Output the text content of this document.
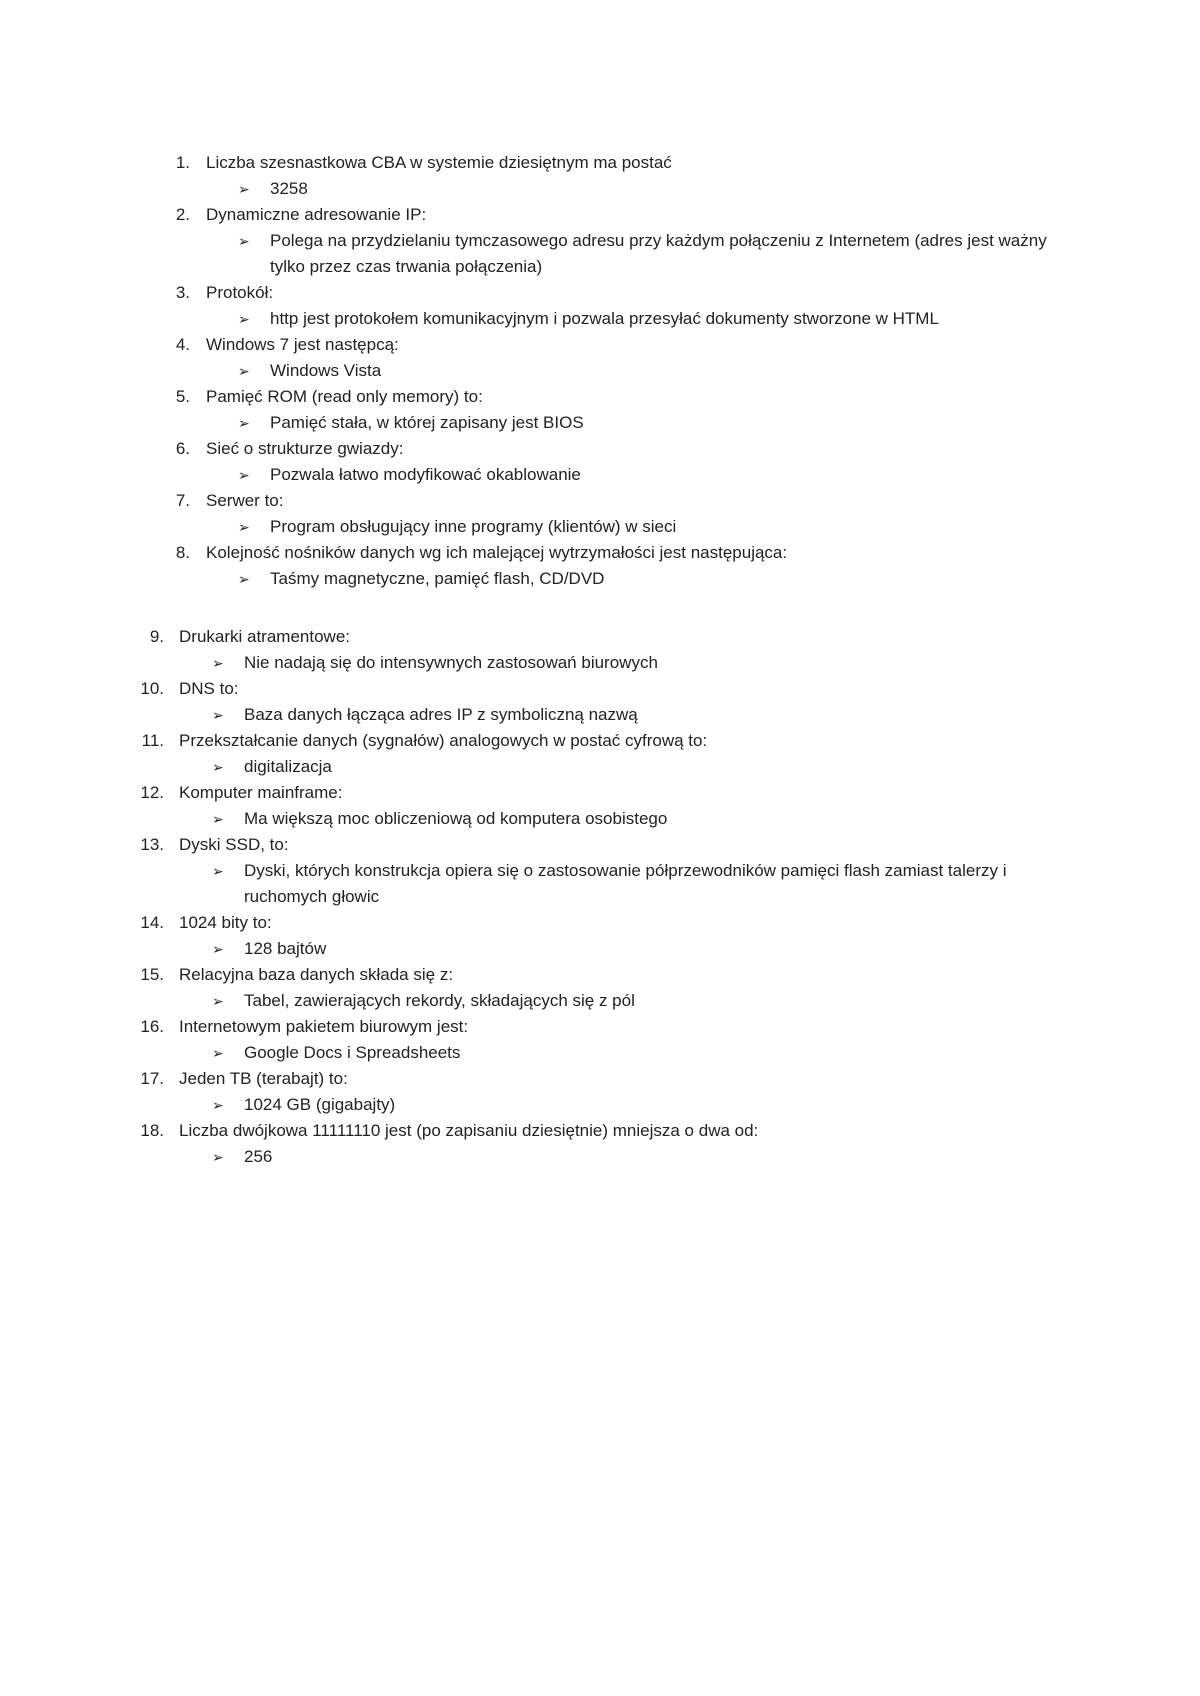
1. Liczba szesnastkowa CBA w systemie dziesiętnym ma postać
➢ 3258
2. Dynamiczne adresowanie IP:
➢ Polega na przydzielaniu tymczasowego adresu przy każdym połączeniu z Internetem (adres jest ważny tylko przez czas trwania połączenia)
3. Protokół:
➢ http jest protokołem komunikacyjnym i pozwala przesyłać dokumenty stworzone w HTML
4. Windows 7 jest następcą:
➢ Windows Vista
5. Pamięć ROM (read only memory) to:
➢ Pamięć stała, w której zapisany jest BIOS
6. Sieć o strukturze gwiazdy:
➢ Pozwala łatwo modyfikować okablowanie
7. Serwer to:
➢ Program obsługujący inne programy (klientów) w sieci
8. Kolejność nośników danych wg ich malejącej wytrzymałości jest następująca:
➢ Taśmy magnetyczne, pamięć flash, CD/DVD
9. Drukarki atramentowe:
➢ Nie nadają się do intensywnych zastosowań biurowych
10. DNS to:
➢ Baza danych łącząca adres IP z symboliczną nazwą
11. Przekształcanie danych (sygnałów) analogowych w postać cyfrową to:
➢ digitalizacja
12. Komputer mainframe:
➢ Ma większą moc obliczeniową od komputera osobistego
13. Dyski SSD, to:
➢ Dyski, których konstrukcja opiera się o zastosowanie półprzewodników pamięci flash zamiast talerzy i ruchomych głowic
14. 1024 bity to:
➢ 128 bajtów
15. Relacyjna baza danych składa się z:
➢ Tabel, zawierających rekordy, składających się z pól
16. Internetowym pakietem biurowym jest:
➢ Google Docs i Spreadsheets
17. Jeden TB (terabajt) to:
➢ 1024 GB (gigabajty)
18. Liczba dwójkowa 11111110 jest (po zapisaniu dziesiętnie) mniejsza o dwa od:
➢ 256
